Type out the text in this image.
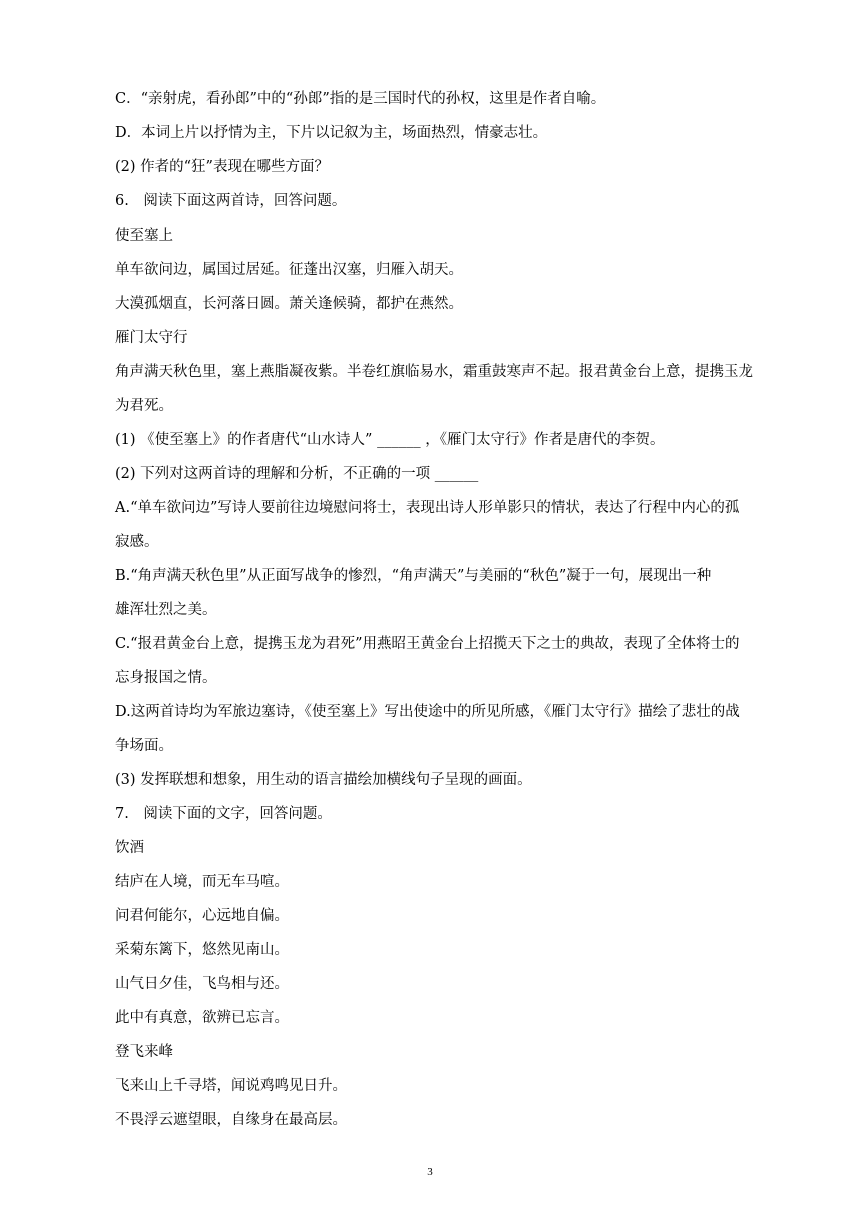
C．“亲射虎，看孙郎”中的“孙郎”指的是三国时代的孙权，这里是作者自喻。
D．本词上片以抒情为主，下片以记叙为主，场面热烈，情豪志壮。
(2) 作者的“狂”表现在哪些方面？
6.　阅读下面这两首诗，回答问题。
使至塞上
单车欲问边，属国过居延。征蓬出汉塞，归雁入胡天。
大漠孤烟直，长河落日圆。萧关逢候骑，都护在燕然。
雁门太守行
角声满天秋色里，塞上燕脂凝夜紫。半卷红旗临易水，霜重鼓寒声不起。报君黄金台上意，提携玉龙
为君死。
(1) 《使至塞上》的作者唐代“山水诗人” ______ ，《雁门太守行》作者是唐代的李贺。
(2) 下列对这两首诗的理解和分析，不正确的一项 ______
A.“单车欲问边”写诗人要前往边境慰问将士，表现出诗人形单影只的情状，表达了行程中内心的孤
寂感。
B.“角声满天秋色里”从正面写战争的惨烈，“角声满天”与美丽的“秋色”凝于一句，展现出一种
雄浑壮烈之美。
C.“报君黄金台上意，提携玉龙为君死”用燕昭王黄金台上招揽天下之士的典故，表现了全体将士的
忘身报国之情。
D.这两首诗均为军旅边塞诗，《使至塞上》写出使途中的所见所感，《雁门太守行》描绘了悲壮的战
争场面。
(3) 发挥联想和想象，用生动的语言描绘加横线句子呈现的画面。
7.　阅读下面的文字，回答问题。
饮酒
结庐在人境，而无车马喧。
问君何能尔，心远地自偏。
采菊东篱下，悠然见南山。
山气日夕佳，飞鸟相与还。
此中有真意，欲辨已忘言。
登飞来峰
飞来山上千寻塔，闻说鸡鸣见日升。
不畏浮云遮望眼，自缘身在最高层。
3
